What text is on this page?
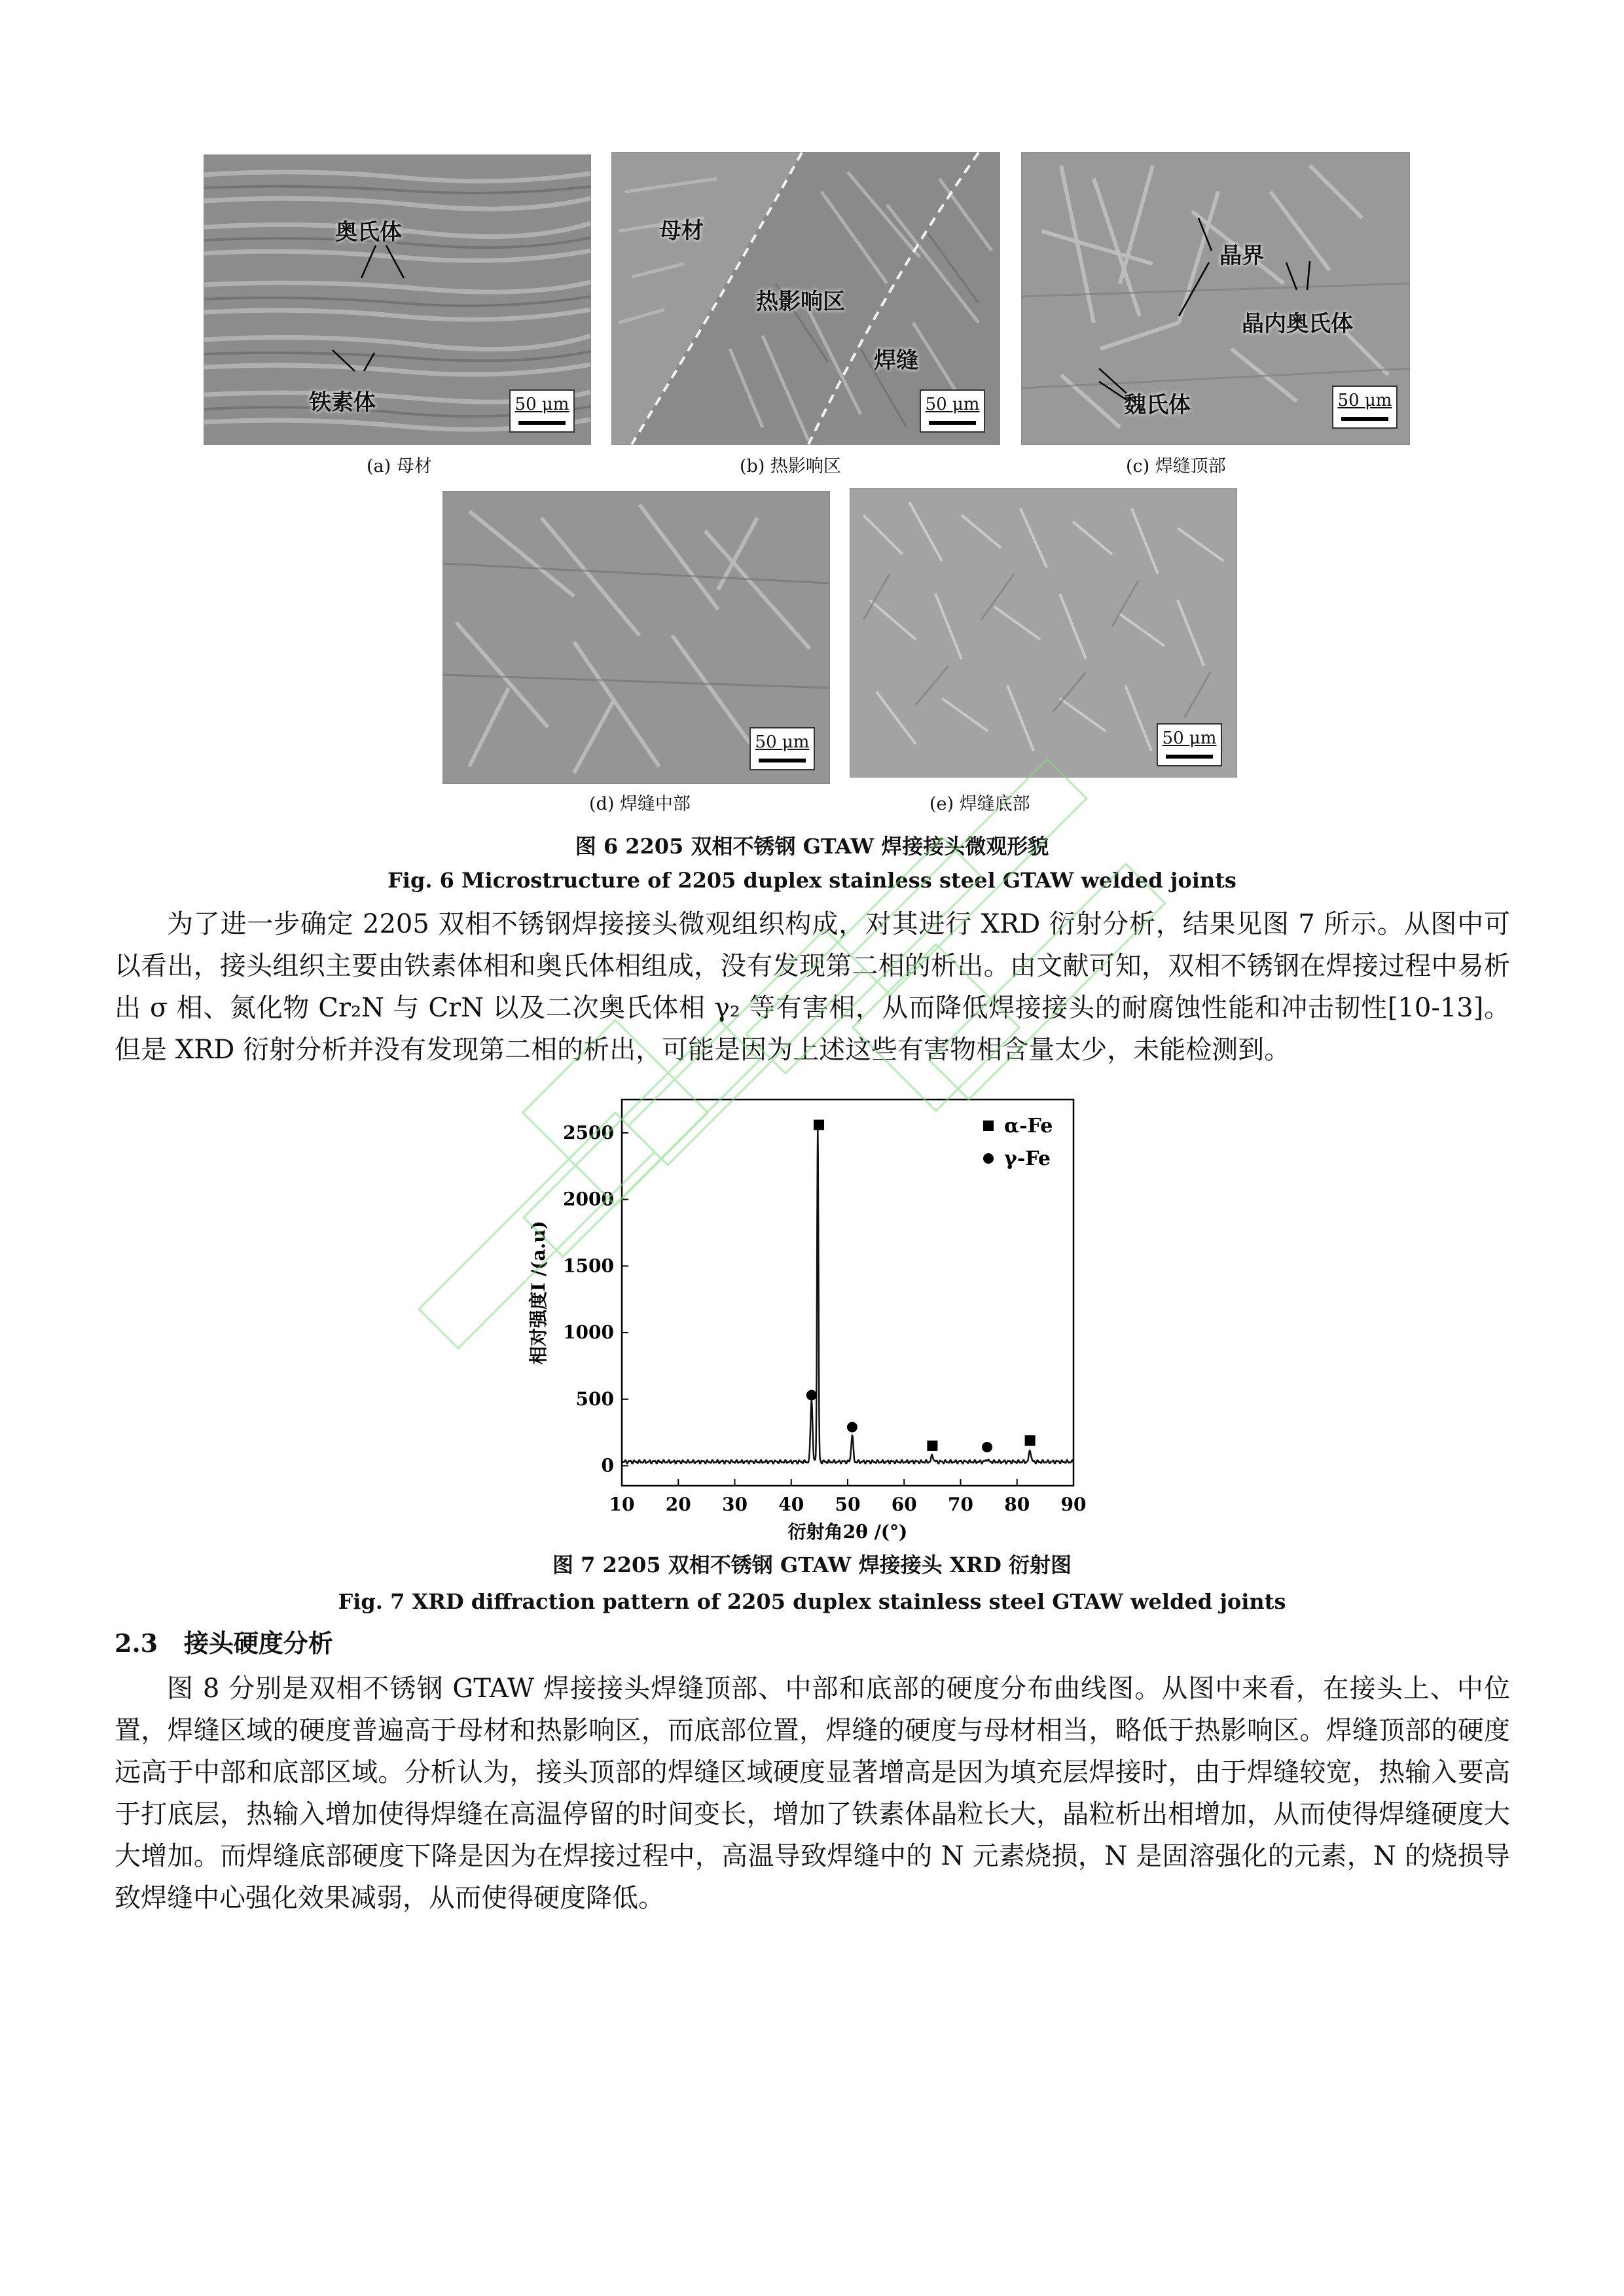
奥氏体
铁素体	50 μm
(a) 母材
母材
热影响区
焊缝
50 μm
(b) 热影响区
晶界
晶内奥氏体
魏氏体	50 μm
(c) 焊缝顶部
50 μm
(d) 焊缝中部
50 μm
(e) 焊缝底部
图 6 2205 双相不锈钢 GTAW 焊接接头微观形貌
Fig. 6 Microstructure of 2205 duplex stainless steel GTAW welded joints

为了进一步确定 2205 双相不锈钢焊接接头微观组织构成，对其进行 XRD 衍射分析，结果见图 7 所示。从图中可以看出，接头组织主要由铁素体相和奥氏体相组成，没有发现第二相的析出。由文献可知，双相不锈钢在焊接过程中易析出 σ 相、氮化物 Cr₂N 与 CrN 以及二次奥氏体相 γ₂ 等有害相，从而降低焊接接头的耐腐蚀性能和冲击韧性[10-13]。但是 XRD 衍射分析并没有发现第二相的析出，可能是因为上述这些有害物相含量太少，未能检测到。

10 20 30 40 50 60 70 80 90
0
500
1000
1500
2000
2500
衍射角2θ /(°)
相对强度I /(a.u)
α-Fe
γ-Fe
图 7 2205 双相不锈钢 GTAW 焊接接头 XRD 衍射图
Fig. 7 XRD diffraction pattern of 2205 duplex stainless steel GTAW welded joints
2.3 接头硬度分析

图 8 分别是双相不锈钢 GTAW 焊接接头焊缝顶部、中部和底部的硬度分布曲线图。从图中来看，在接头上、中位置，焊缝区域的硬度普遍高于母材和热影响区，而底部位置，焊缝的硬度与母材相当，略低于热影响区。焊缝顶部的硬度远高于中部和底部区域。分析认为，接头顶部的焊缝区域硬度显著增高是因为填充层焊接时，由于焊缝较宽，热输入要高于打底层，热输入增加使得焊缝在高温停留的时间变长，增加了铁素体晶粒长大，晶粒析出相增加，从而使得焊缝硬度大大增加。而焊缝底部硬度下降是因为在焊接过程中，高温导致焊缝中的 N 元素烧损，N 是固溶强化的元素，N 的烧损导致焊缝中心强化效果减弱，从而使得硬度降低。
